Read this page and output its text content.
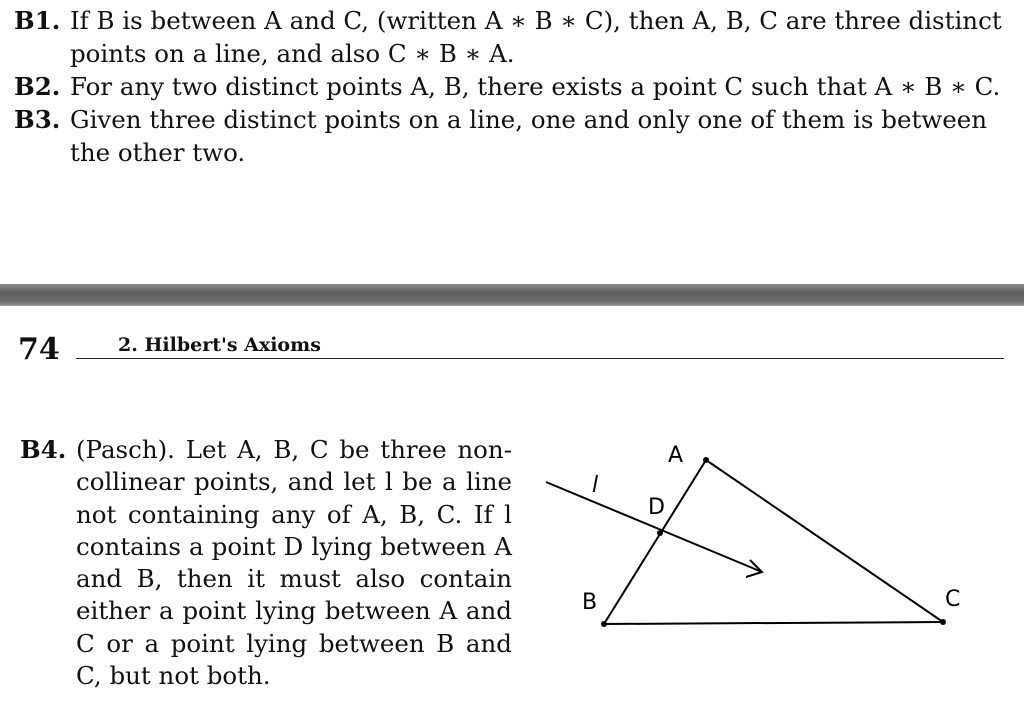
B1. If B is between A and C, (written A ∗ B ∗ C), then A, B, C are three distinct points on a line, and also C ∗ B ∗ A.
B2. For any two distinct points A, B, there exists a point C such that A ∗ B ∗ C.
B3. Given three distinct points on a line, one and only one of them is between the other two.
74	2. Hilbert's Axioms
B4. (Pasch). Let A, B, C be three non-collinear points, and let l be a line not containing any of A, B, C. If l contains a point D lying between A and B, then it must also contain either a point lying between A and C or a point lying between B and C, but not both.
A
B	C
D
l
